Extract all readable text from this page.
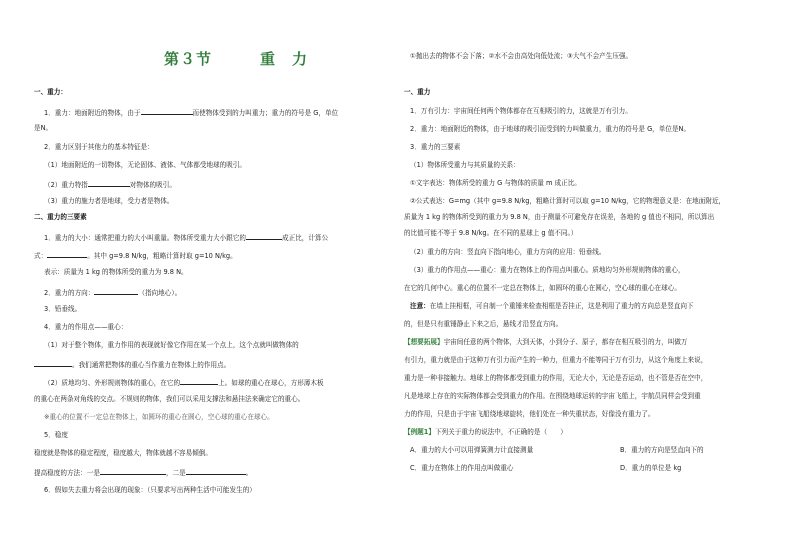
第３节	重　力
一、重力：
1．重力：地面附近的物体，由于	而使物体受到的力叫重力；重力的符号是 G，单位
是N。
2．重力区别于其他力的基本特征是：
（1）地面附近的一切物体，无论固体、液体、气体都受地球的吸引。
（2）重力特指	对物体的吸引。
（3）重力的施力者是地球，受力者是物体。
二、重力的三要素
1．重力的大小：通常把重力的大小叫重量。物体所受重力大小跟它的	成正比，计算公
式：	。其中 g=9.8 N/kg，粗略计算时取 g=10 N/kg。
表示：质量为 1 kg 的物体所受的重力为 9.8 N。
2．重力的方向：	（指向地心）。
3．铅垂线。
4．重力的作用点——重心：
（1）对于整个物体，重力作用的表现就好像它作用在某一个点上，这个点就叫做物体的
。我们通常把物体的重心当作重力在物体上的作用点。
（2）质地均匀、外形规则物体的重心，在它的	上。如球的重心在球心，方形薄木板
的重心在两条对角线的交点。不规则的物体，我们可以采用支撑法和悬挂法来确定它的重心。
※重心的位置不一定总在物体上，如圆环的重心在圆心，空心球的重心在球心。
5．稳度
稳度就是物体的稳定程度，稳度越大，物体就越不容易倾倒。
提高稳度的方法：一是	，二是	。
6．假如失去重力将会出现的现象：（只要求写出两种生活中可能发生的）
①抛出去的物体不会下落；②水不会由高处向低处流；③大气不会产生压强。
一、重力
1．万有引力：宇宙间任何两个物体都存在互相吸引的力，这就是万有引力。
2．重力：地面附近的物体，由于地球的吸引而受到的力叫做重力，重力的符号是 G，单位是N。
3．重力的三要素
（1）物体所受重力与其质量的关系：
①文字表达：物体所受的重力 G 与物体的质量 m 成正比。
②公式表达：G=mg（其中 g=9.8 N/kg，粗略计算时可以取 g=10 N/kg，它的物理意义是：在地面附近，
质量为 1 kg 的物体所受到的重力为 9.8 N，由于测量不可避免存在误差，各地的 g 值也不相同，所以算出
的比值可能不等于 9.8 N/kg。在不同的星球上 g 值不同。）
（2）重力的方向：竖直向下指向地心，重力方向的应用：铅垂线。
（3）重力的作用点——重心：重力在物体上的作用点叫重心。质地均匀外形规则物体的重心，
在它的几何中心。重心的位置不一定总在物体上，如圆环的重心在圆心，空心球的重心在球心。
注意：在墙上挂相框，可自制一个重锤来检查相框是否挂正，这是利用了重力的方向总是竖直向下
的，但是只有重锤静止下来之后，悬线才沿竖直方向。
【想要拓展】宇宙间任意的两个物体，大到天体，小到分子、原子，都存在相互吸引的力，叫做万
有引力，重力就是由于这种万有引力而产生的一种力，但重力不能等同于万有引力，从这个角度上来说，
重力是一种非接触力。地球上的物体都受到重力的作用，无论大小，无论是否运动，也不管是否在空中，
凡是地球上存在的实际物体都会受到重力的作用。在围绕地球运转的宇宙飞船上，宇航员同样会受到重
力的作用，只是由于宇宙飞船绕地球旋转，他们处在一种失重状态，好像没有重力了。
【例题1】下列关于重力的说法中，不正确的是（　　）
A．重力的大小可以用弹簧测力计直接测量	B．重力的方向是竖直向下的
C．重力在物体上的作用点叫做重心	D．重力的单位是 kg
